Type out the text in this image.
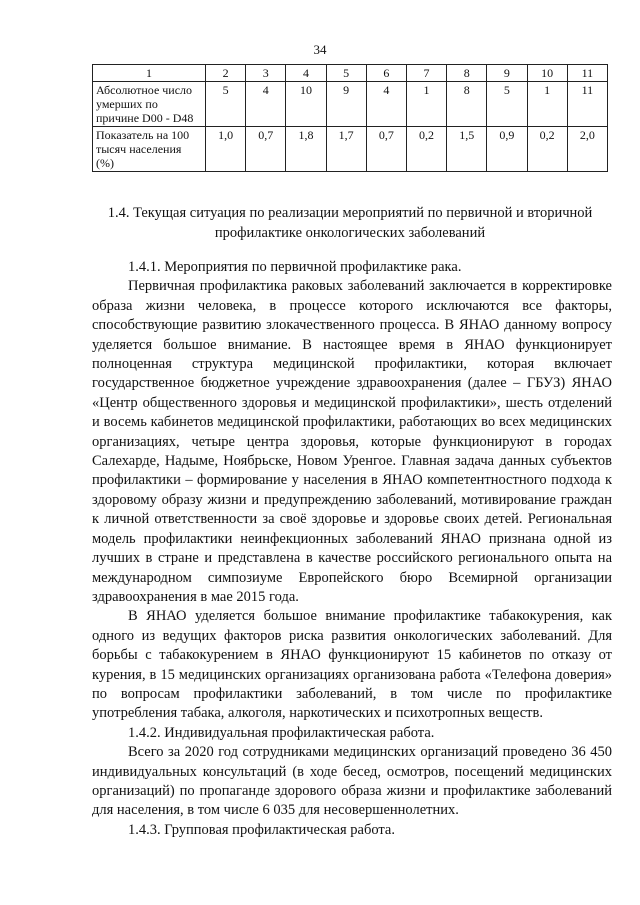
34
1	2	3	4	5	6	7	8	9	10	11
Абсолютное число умерших по причине D00 - D48	5	4	10	9	4	1	8	5	1	11
Показатель на 100 тысяч населения (%)	1,0	0,7	1,8	1,7	0,7	0,2	1,5	0,9	0,2	2,0
1.4. Текущая ситуация по реализации мероприятий по первичной и вторичной профилактике онкологических заболеваний

1.4.1. Мероприятия по первичной профилактике рака.

Первичная профилактика раковых заболеваний заключается в корректировке образа жизни человека, в процессе которого исключаются все факторы, способствующие развитию злокачественного процесса. В ЯНАО данному вопросу уделяется большое внимание. В настоящее время в ЯНАО функционирует полноценная структура медицинской профилактики, которая включает государственное бюджетное учреждение здравоохранения (далее – ГБУЗ) ЯНАО «Центр общественного здоровья и медицинской профилактики», шесть отделений и восемь кабинетов медицинской профилактики, работающих во всех медицинских организациях, четыре центра здоровья, которые функционируют в городах Салехарде, Надыме, Ноябрьске, Новом Уренгое. Главная задача данных субъектов профилактики – формирование у населения в ЯНАО компетентностного подхода к здоровому образу жизни и предупреждению заболеваний, мотивирование граждан к личной ответственности за своё здоровье и здоровье своих детей. Региональная модель профилактики неинфекционных заболеваний ЯНАО признана одной из лучших в стране и представлена в качестве российского регионального опыта на международном симпозиуме Европейского бюро Всемирной организации здравоохранения в мае 2015 года.

В ЯНАО уделяется большое внимание профилактике табакокурения, как одного из ведущих факторов риска развития онкологических заболеваний. Для борьбы с табакокурением в ЯНАО функционируют 15 кабинетов по отказу от курения, в 15 медицинских организациях организована работа «Телефона доверия» по вопросам профилактики заболеваний, в том числе по профилактике употребления табака, алкоголя, наркотических и психотропных веществ.

1.4.2. Индивидуальная профилактическая работа.

Всего за 2020 год сотрудниками медицинских организаций проведено 36 450 индивидуальных консультаций (в ходе бесед, осмотров, посещений медицинских организаций) по пропаганде здорового образа жизни и профилактике заболеваний для населения, в том числе 6 035 для несовершеннолетних.

1.4.3. Групповая профилактическая работа.
